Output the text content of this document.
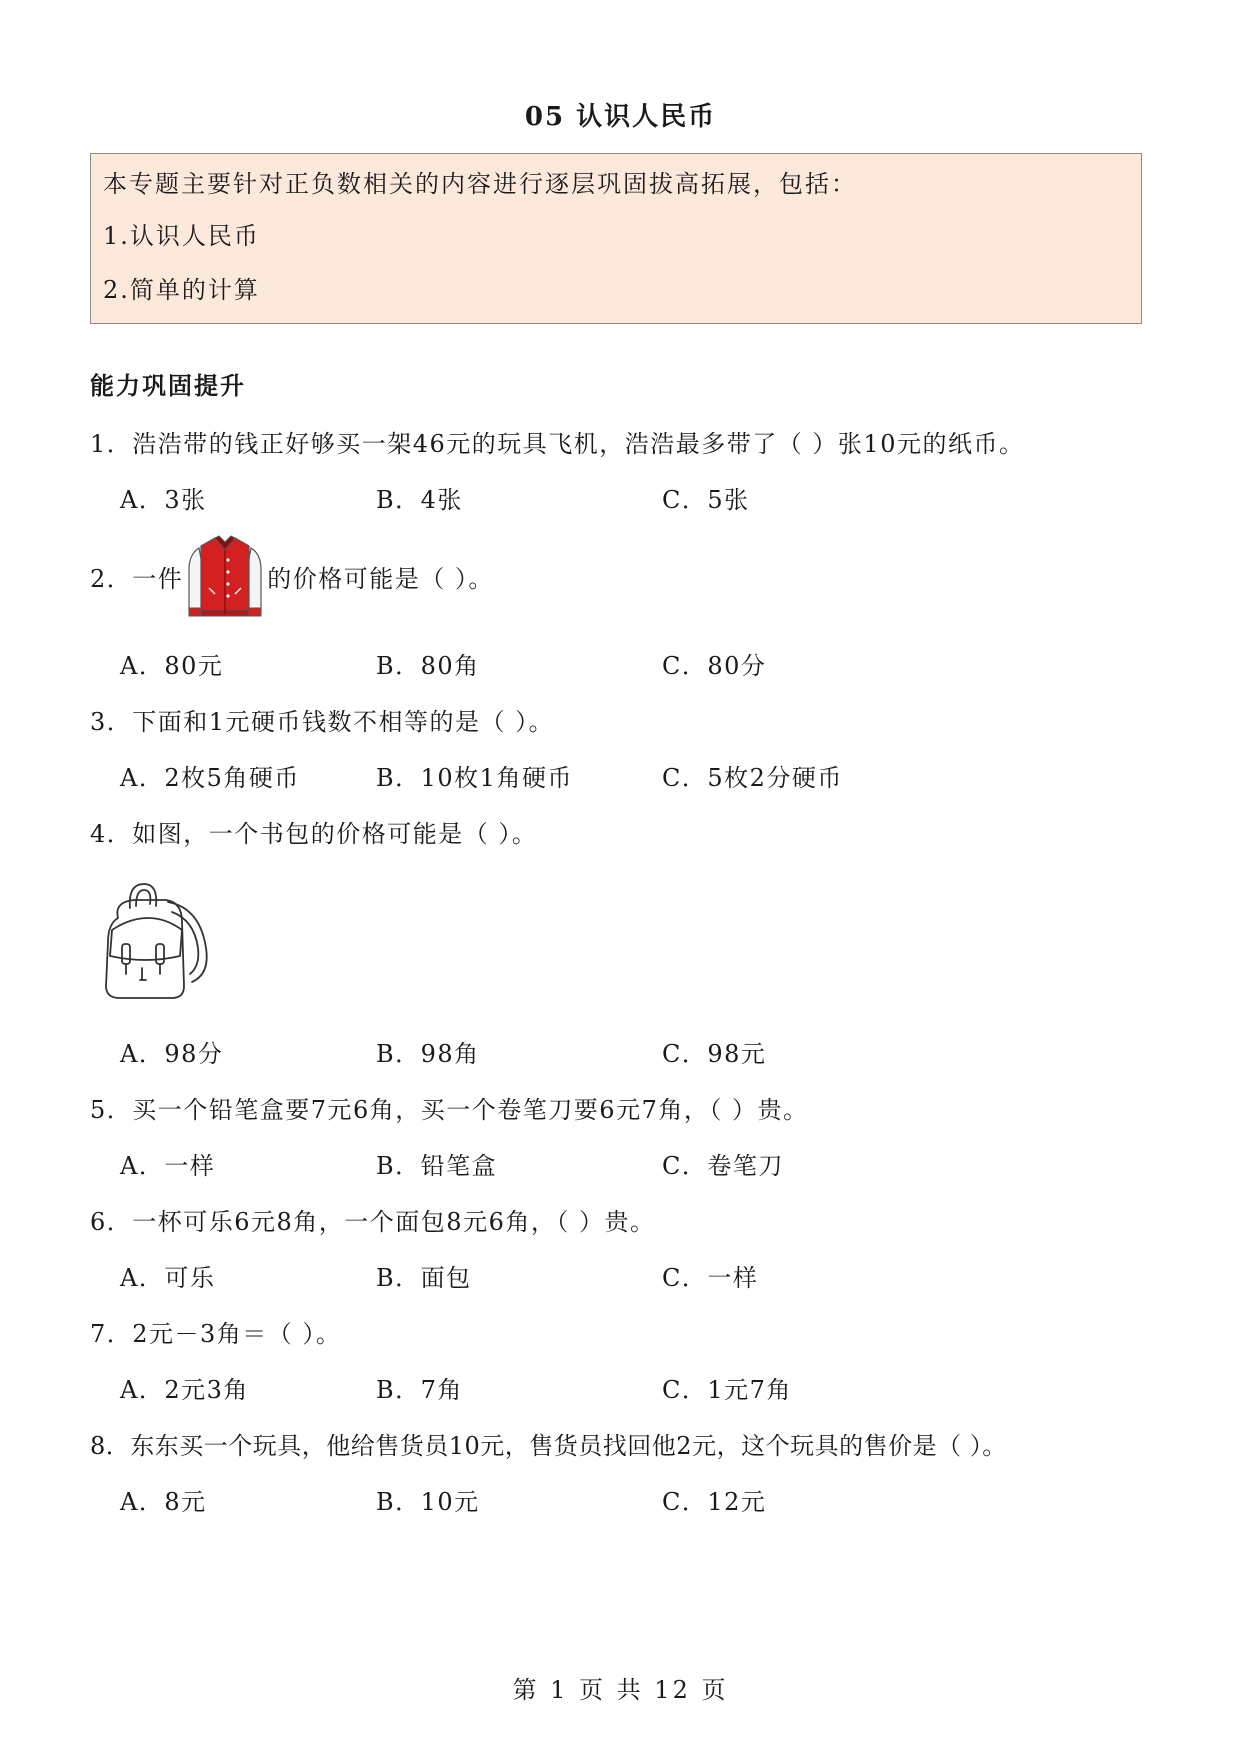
05 认识人民币
本专题主要针对正负数相关的内容进行逐层巩固拔高拓展，包括：
1.认识人民币
2.简单的计算
能力巩固提升
1．浩浩带的钱正好够买一架46元的玩具飞机，浩浩最多带了（ ）张10元的纸币。
A．3张	B．4张	C．5张
2．一件	的价格可能是（ ）。
A．80元	B．80角	C．80分
3．下面和1元硬币钱数不相等的是（ ）。
A．2枚5角硬币	B．10枚1角硬币	C．5枚2分硬币
4．如图，一个书包的价格可能是（ ）。
A．98分	B．98角	C．98元
5．买一个铅笔盒要7元6角，买一个卷笔刀要6元7角，（ ）贵。
A．一样	B．铅笔盒	C．卷笔刀
6．一杯可乐6元8角，一个面包8元6角，（ ）贵。
A．可乐	B．面包	C．一样
7．2元－3角＝（ ）。
A．2元3角	B．7角	C．1元7角
8．东东买一个玩具，他给售货员10元，售货员找回他2元，这个玩具的售价是（ ）。
A．8元	B．10元	C．12元
第 1 页 共 12 页
